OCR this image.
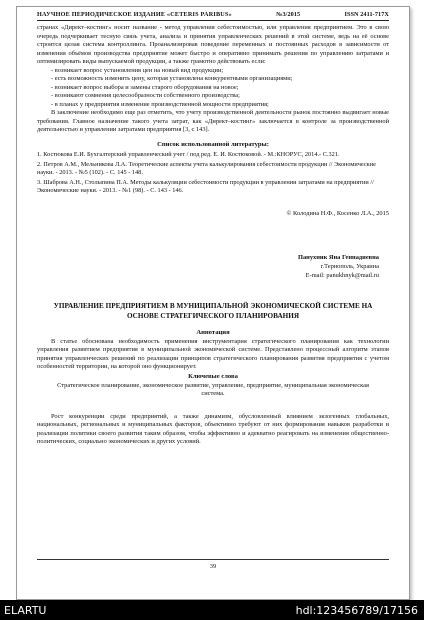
НАУЧНОЕ ПЕРИОДИЧЕСКОЕ ИЗДАНИЕ «CETERIS PARIBUS»	№3/2015	ISSN 2411-717X

странах «Директ–костинг» носит название - метод управления себестоимостью, или управления предприятием. Это в свою очередь подчеркивает тесную связь учета, анализа и принятия управленческих решений в этой системе, ведь на её основе строится целая система контроллинга. Проанализировав поведение переменных и постоянных расходов в зависимости от изменения объёмов производства предприятие может быстро и оперативно принимать решения по управлению затратами и оптимизировать виды выпускаемой продукции, а также грамотно действовать если:

- возникает вопрос установления цен на новый вид продукции;

- есть возможность изменить цену, которая установлена конкурентными организациями;

- возникает вопрос выбора и замены старого оборудования на новое;

- возникают сомнения целесообразности собственного производства;

- в планах у предприятия изменение производственной мощности предприятия;

В заключение необходимо еще раз отметить, что учету производственной деятельности рынок постоянно выдвигает новые требования. Главное назначение такого учета затрат, как «Директ–костинг» заключается в контроле за производственной деятельностью и управлении затратами предприятия [3, с 143].

Список использованной литературы:

1. Костюкова Е.И. Бухгалтерский управленческий учет / под ред. Е. И. Костюковой. - М.:КНОРУС, 2014.- С.321.

2. Петров А.М., Мельникова Л.А. Теоретические аспекты учета калькулирования себестоимости продукции // Экономические науки. - 2013. - №5 (102). - С. 145 - 148.

3. Шаброва А.Н., Столыпина П.А. Методы калькуляции себестоимости продукции в управлении затратами на предприятии // Экономические науки. - 2013. - №1 (98). - С. 143 - 146.

© Колодина Н.Ф., Косенко Л.А., 2015
Панухник Яна Геннадиевна
г.Тернополь, Украина
E-mail: panukhnyk@mail.ru
УПРАВЛЕНИЕ ПРЕДПРИЯТИЕМ В МУНИЦИПАЛЬНОЙ ЭКОНОМИЧЕСКОЙ СИСТЕМЕ НА ОСНОВЕ СТРАТЕГИЧЕСКОГО ПЛАНИРОВАНИЯ
Аннотация

В статье обоснована необходимость применения инструментария стратегического планирования как технологии управления развитием предприятия в муниципальной экономической системе. Представлено процессный алгоритм этапов принятия управленческих решений по реализации принципов стратегического планирования развития предприятия с учетом особенностей территории, на которой оно функционирует.

Ключевые слова

Стратегическое планирование, экономическое развитие, управление, предприятие, муниципальная экономическая система.

Рост конкуренции среди предприятий, а также динамизм, обусловленный влиянием экзогенных глобальных, национальных, региональных и муниципальных факторов, объективно требуют от них формирования навыков разработки и реализации политики своего развития таким образом, чтобы эффективно и адекватно реагировать на изменения общественно-политических, социально экономических и других условий.

39
ELARTU	hdl:123456789/17156
